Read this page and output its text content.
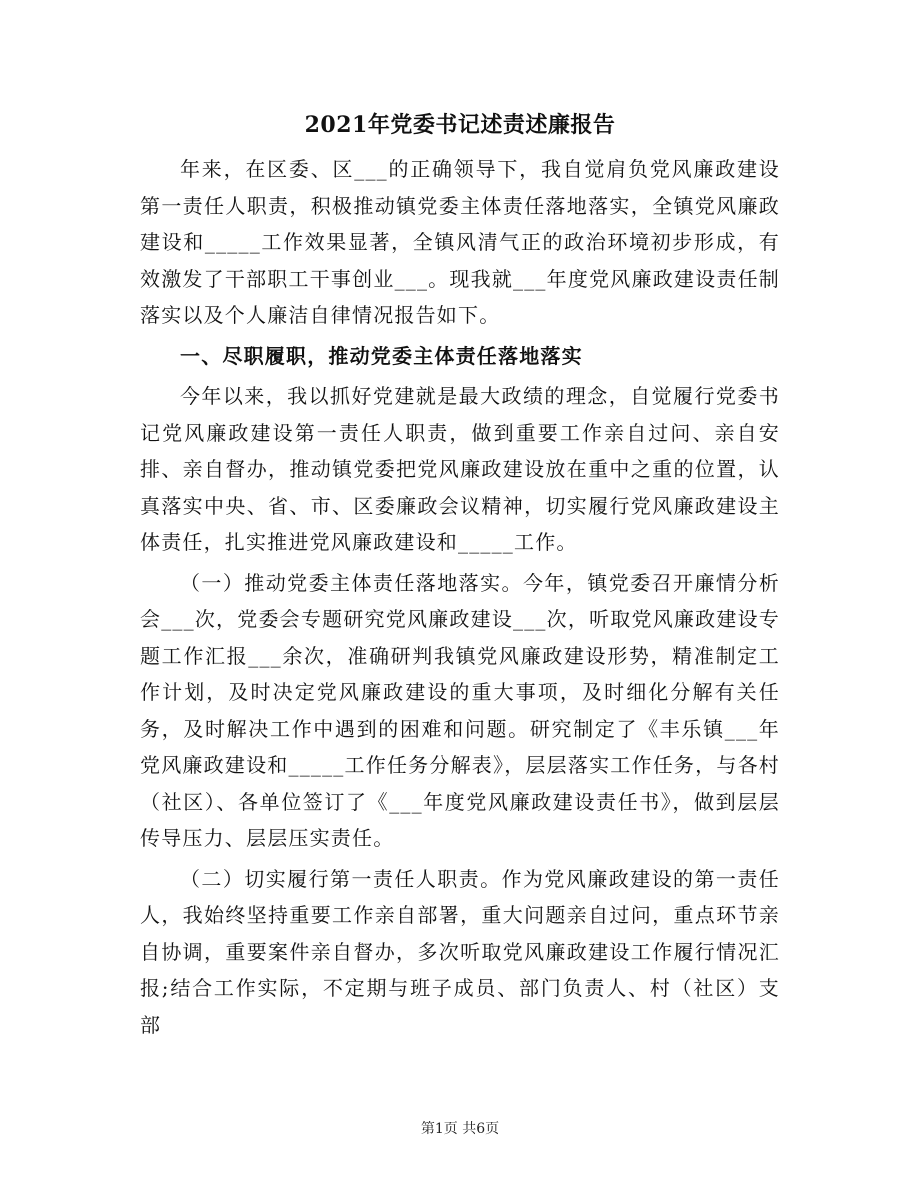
2021年党委书记述责述廉报告

年来，在区委、区___的正确领导下，我自觉肩负党风廉政建设第一责任人职责，积极推动镇党委主体责任落地落实，全镇党风廉政建设和_____工作效果显著，全镇风清气正的政治环境初步形成，有效激发了干部职工干事创业___。现我就___年度党风廉政建设责任制落实以及个人廉洁自律情况报告如下。

一、尽职履职，推动党委主体责任落地落实

今年以来，我以抓好党建就是最大政绩的理念，自觉履行党委书记党风廉政建设第一责任人职责，做到重要工作亲自过问、亲自安排、亲自督办，推动镇党委把党风廉政建设放在重中之重的位置，认真落实中央、省、市、区委廉政会议精神，切实履行党风廉政建设主体责任，扎实推进党风廉政建设和_____工作。

（一）推动党委主体责任落地落实。今年，镇党委召开廉情分析会___次，党委会专题研究党风廉政建设___次，听取党风廉政建设专题工作汇报___余次，准确研判我镇党风廉政建设形势，精准制定工作计划，及时决定党风廉政建设的重大事项，及时细化分解有关任务，及时解决工作中遇到的困难和问题。研究制定了《丰乐镇___年党风廉政建设和_____工作任务分解表》，层层落实工作任务，与各村（社区）、各单位签订了《___年度党风廉政建设责任书》，做到层层传导压力、层层压实责任。

（二）切实履行第一责任人职责。作为党风廉政建设的第一责任人，我始终坚持重要工作亲自部署，重大问题亲自过问，重点环节亲自协调，重要案件亲自督办，多次听取党风廉政建设工作履行情况汇报;结合工作实际，不定期与班子成员、部门负责人、村（社区）支部

第1页 共6页
